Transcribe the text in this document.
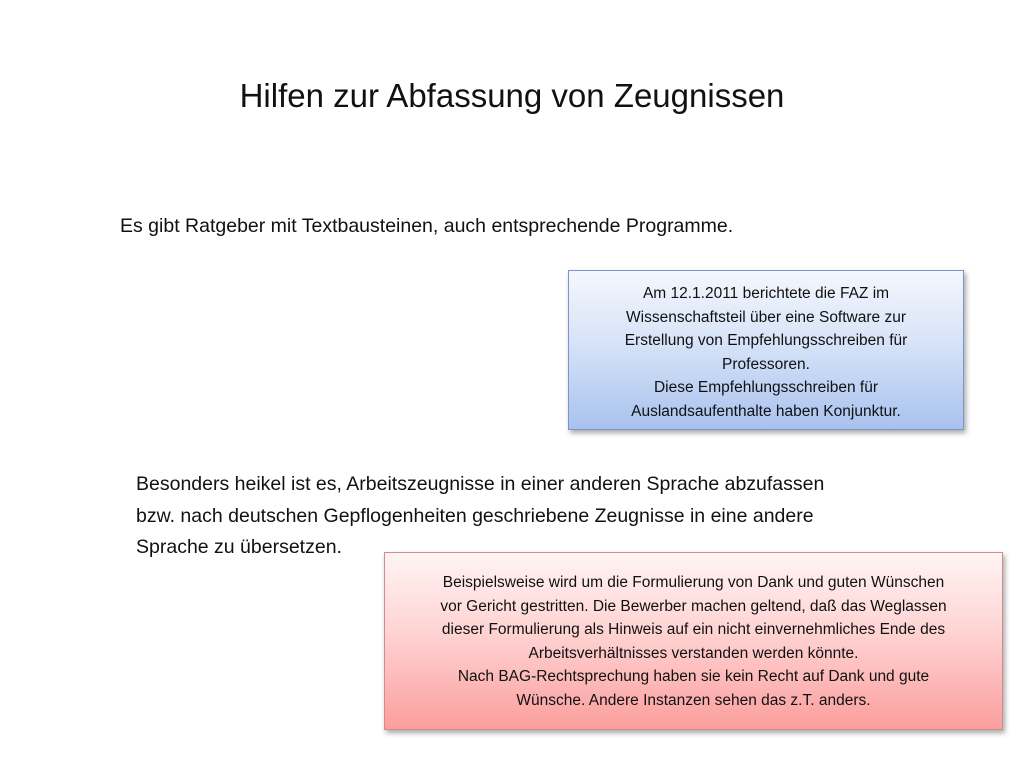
Hilfen zur Abfassung von Zeugnissen

Es gibt Ratgeber mit Textbausteinen, auch entsprechende Programme.

Am 12.1.2011 berichtete die FAZ im

Wissenschaftsteil über eine Software zur

Erstellung von Empfehlungsschreiben für

Professoren.

Diese Empfehlungsschreiben für

Auslandsaufenthalte haben Konjunktur.

Besonders heikel ist es, Arbeitszeugnisse in einer anderen Sprache abzufassen
bzw. nach deutschen Gepflogenheiten geschriebene Zeugnisse in eine andere
Sprache zu übersetzen.

Beispielsweise wird um die Formulierung von Dank und guten Wünschen

vor Gericht gestritten. Die Bewerber machen geltend, daß das Weglassen

dieser Formulierung als Hinweis auf ein nicht einvernehmliches Ende des

Arbeitsverhältnisses verstanden werden könnte.

Nach BAG-Rechtsprechung haben sie kein Recht auf Dank und gute

Wünsche. Andere Instanzen sehen das z.T. anders.
